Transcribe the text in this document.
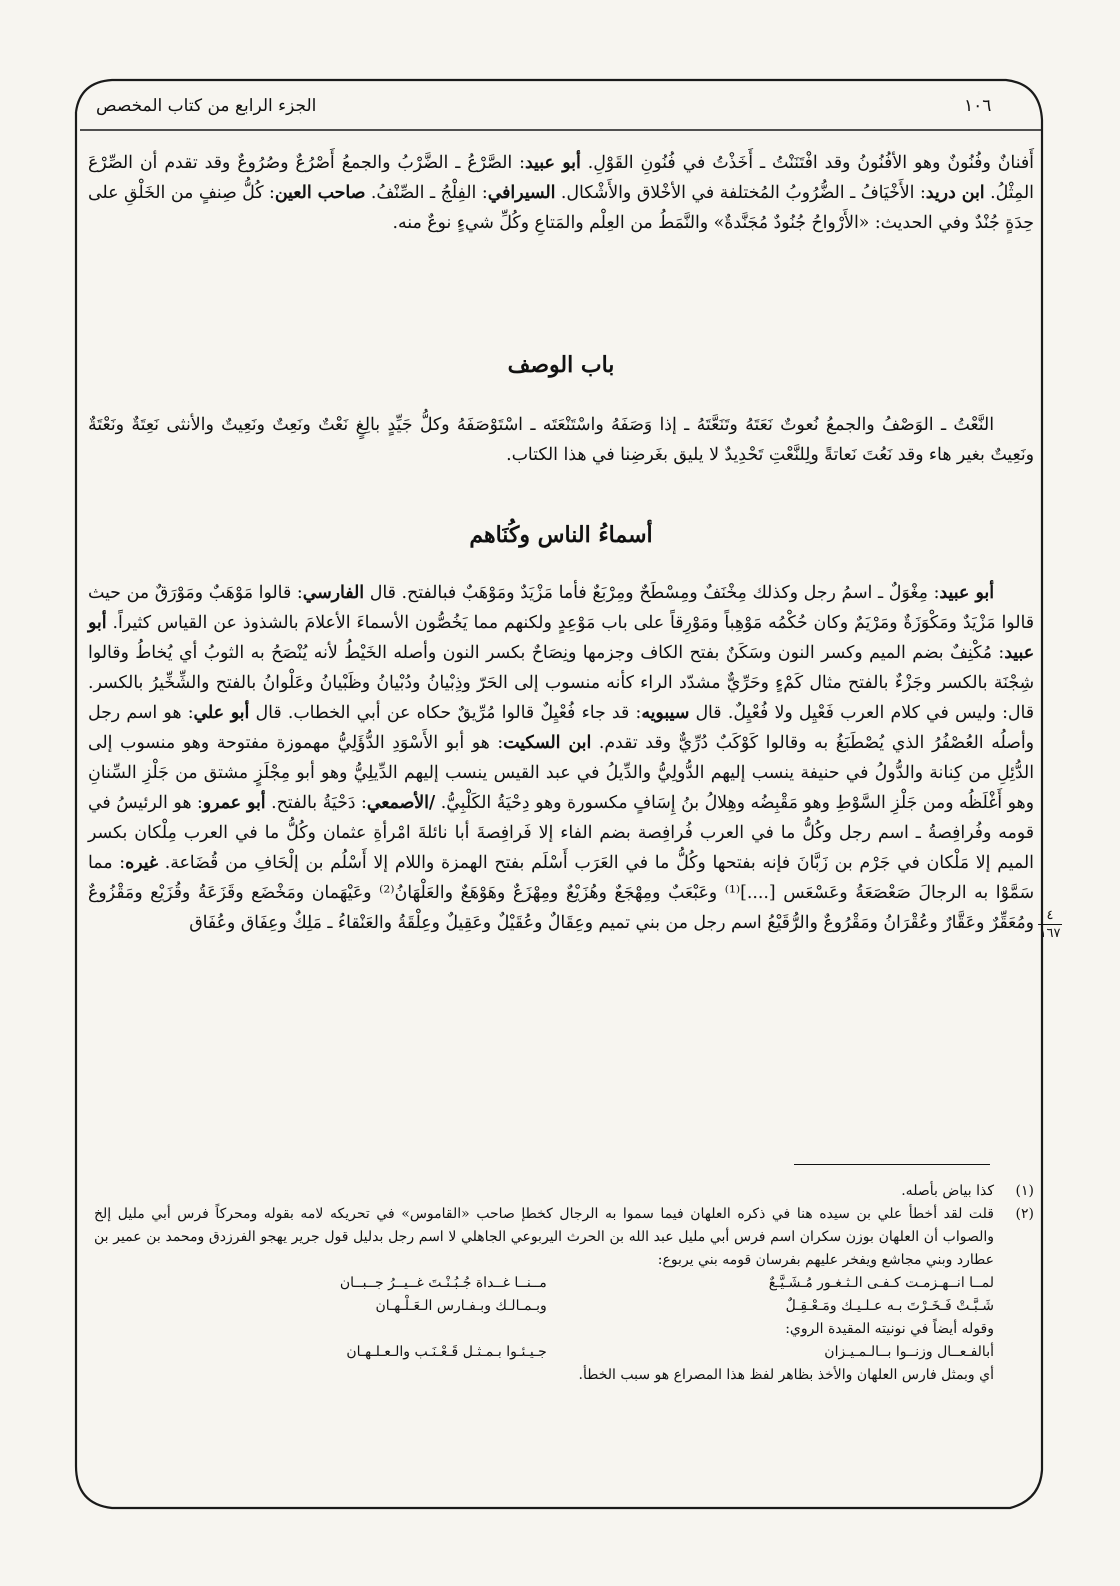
١٠٦
الجزء الرابع من كتاب المخصص

أَفنانٌ وفُنُونٌ وهو الأفُنُونُ وقد افْتَنَنْتُ ـ أَخَذْتُ في فُنُونِ القَوْلِ. أبو عبيد: الصَّرْعُ ـ الضَّرْبُ والجمعُ أَصْرُعٌ وصُرُوعٌ وقد تقدم أن الصِّرْعَ المِثْلُ. ابن دريد: الأَخْيَافُ ـ الضُّرُوبُ المُختلفة في الأخْلاق والأَشْكال. السيرافي: الفِلْجُ ـ الصِّنْفُ. صاحب العين: كُلُّ صِنفٍ من الخَلْقِ على حِدَةٍ جُنْدٌ وفي الحديث: «الأَرْواحُ جُنُودٌ مُجَنَّدةٌ» والنَّمَطُ من العِلْم والمَتاعِ وكُلِّ شيءٍ نوعٌ منه.

باب الوصف

النَّعْتُ ـ الوَصْفُ والجمعُ نُعوتٌ نَعَتَهُ وتَنَعَّتَهُ ـ إذا وَصَفَهُ واسْتَنْعَتَه ـ اسْتَوْصَفَهُ وكلُّ جَيِّدٍ بالِغٍ نَعْتٌ ونَعِتٌ ونَعِيتٌ والأنثى نَعِتَةٌ ونَعْتَةٌ ونَعِيتٌ بغير هاء وقد نَعُتَ نَعاتةً ولِلنَّعْتِ تَحْدِيدٌ لا يليق بغَرضِنا في هذا الكتاب.

أسماءُ الناس وكُنَاهم

أبو عبيد: مِغْوَلٌ ـ اسمُ رجل وكذلك مِخْنَفٌ ومِسْطَحٌ ومِرْبَعٌ فأما مَزْيَدٌ ومَوْهَبٌ فبالفتح. قال الفارسي: قالوا مَوْهَبٌ ومَوْرَقٌ من حيث قالوا مَزْيَدٌ ومَكْوَزَةٌ ومَرْيَمٌ وكان حُكْمُه مَوْهِباً ومَوْرِقاً على باب مَوْعِدٍ ولكنهم مما يَخُصُّون الأسماءَ الأعلامَ بالشذوذ عن القياس كثيراً. أبو عبيد: مُكْنِفٌ بضم الميم وكسر النون وسَكَنٌ بفتح الكاف وجزمها ونِصَاحٌ بكسر النون وأصله الخَيْطُ لأنه يُنْصَحُ به الثوبُ أي يُخاطُ وقالوا شِجْنَة بالكسر وجَزْءٌ بالفتح مثال كَمْءٍ وحَرِّيٌّ مشدّد الراء كأنه منسوب إلى الحَرّ وذِبْيانُ ودُبْيانُ وظَبْيانُ وعَلْوانُ بالفتح والشِّخِّيرُ بالكسر. قال: وليس في كلام العرب فَعْيِل ولا فُعْيِلٌ. قال سيبويه: قد جاء فُعْيِلٌ قالوا مُرِّيقٌ حكاه عن أبي الخطاب. قال أبو علي: هو اسم رجل وأصلُه العُصْفُرُ الذي يُصْطَبَغُ به وقالوا كَوْكَبٌ دُرِّيٌّ وقد تقدم. ابن السكيت: هو أبو الأَسْوَدِ الدُّؤَلِيُّ مهموزة مفتوحة وهو منسوب إلى الدُّئِلِ من كِنانة والدُّولُ في حنيفة ينسب إليهم الدُّولِيُّ والدِّيلُ في عبد القيس ينسب إليهم الدِّيلِيُّ وهو أبو مِجْلَزٍ مشتق من جَلْزِ السِّنانِ وهو أَغْلَظُه ومن جَلْزِ السَّوْطِ وهو مَقْبِضُه وهِلالُ بنُ إِسَافٍ مكسورة وهو دِحْيَةُ الكَلْبِيُّ. /الأصمعي: دَحْيَةُ بالفتح. أبو عمرو: هو الرئيسُ في قومه وفُرافِصةُ ـ اسم رجل وكُلُّ ما في العرب فُرافِصة بضم الفاء إلا فَرافِصةَ أبا نائلةَ امْرأةِ عثمان وكُلُّ ما في العرب مِلْكان بكسر الميم إلا مَلْكان في جَرْم بن زَبَّانَ فإنه بفتحها وكُلُّ ما في العَرَب أَسْلَم بفتح الهمزة واللام إلا أَسْلُم بن إلْحَافِ من قُضَاعة. غيره: مما سَمَّوْا به الرجالَ صَعْصَعَةُ وعَسْعَس [....]⁽¹⁾ وعَبْعَبٌ ومِهْجَعٌ وهُزَيْعٌ ومِهْزَعٌ وهَوْهَعٌ والعَلْهَانُ⁽²⁾ وعَيْهَمان ومَخْضَع وقَزَعَةُ وقُزَيْع ومَقْزُوعٌ ومُعَقِّرٌ وعَقَّارٌ وعُقْرَانُ ومَقْرُوعٌ والرُّقَيْعُ اسم رجل من بني تميم وعِقَالٌ وعُقَيْلٌ وعَقِيلٌ وعِلْقَةُ والعَنْقاءُ ـ مَلِكٌ وعِفَاق وعُفَاق ٤
١٦٧
(١)
كذا بياض بأصله.
(٢)
قلت لقد أخطأ علي بن سيده هنا في ذكره العلهان فيما سموا به الرجال كخطإ صاحب «القاموس» في تحريكه لامه بقوله ومحركاً فرس أبي مليل إلخ والصواب أن العلهان بوزن سكران اسم فرس أبي مليل عبد الله بن الحرث اليربوعي الجاهلي لا اسم رجل بدليل قول جرير يهجو الفرزدق ومحمد بن عمير بن عطارد وبني مجاشع ويفخر عليهم بفرسان قومه بني يربوع:
لمــا انــهـزمـت كـفـى الـثـغـور مُـشَـيَّـعٌ
مــنــا غــداة جُـبُـنْـتَ غــيــرُ جــبــان
شَـبَّـتْ فَـخَـرْتَ بـه عـلـيـك ومَـعْـقِـلٌ
وبـمـالـك وبـفـارس الـعَـلْـهـان
وقوله أيضاً في نونيته المقيدة الروي:
أبالفـعــال وزنــوا بــالـمـيـزان
جـيـئـوا بـمـثـل قَـعْـنَـب والـعـلـهـان
أي وبمثل فارس العلهان والأخذ بظاهر لفظ هذا المصراع هو سبب الخطأ.
